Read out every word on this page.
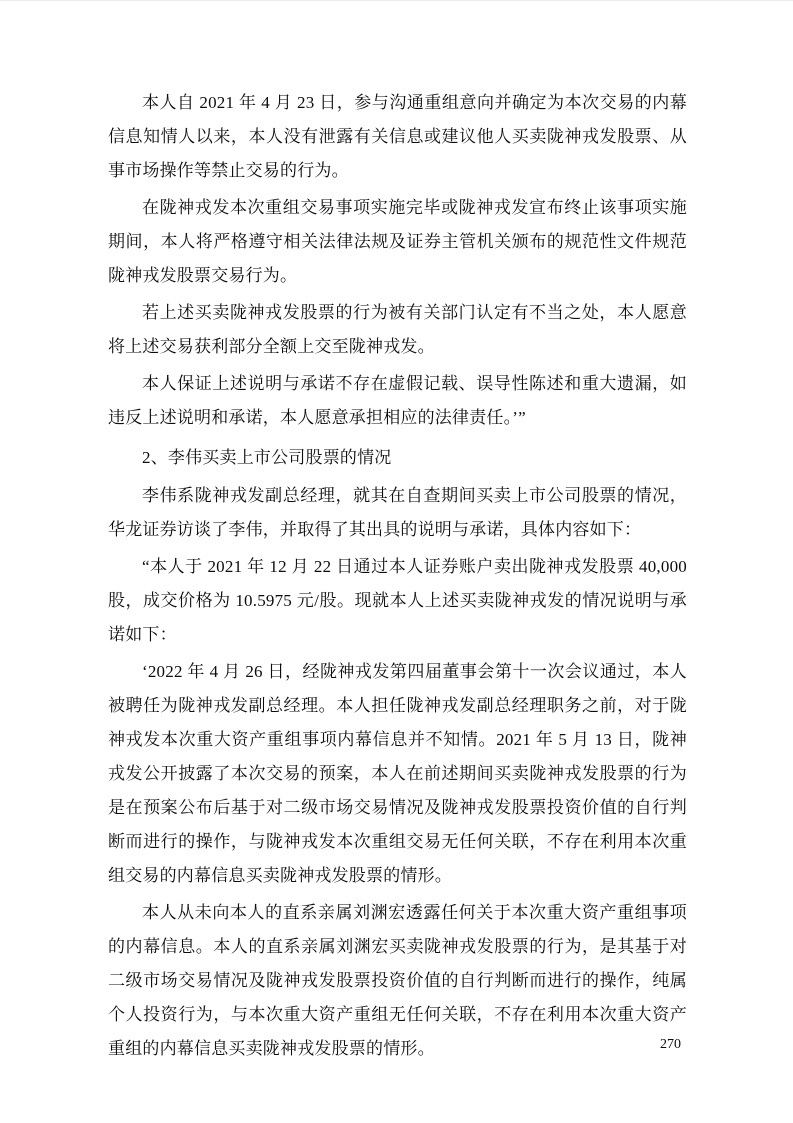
本人自 2021 年 4 月 23 日，参与沟通重组意向并确定为本次交易的内幕信息知情人以来，本人没有泄露有关信息或建议他人买卖陇神戎发股票、从事市场操作等禁止交易的行为。

在陇神戎发本次重组交易事项实施完毕或陇神戎发宣布终止该事项实施期间，本人将严格遵守相关法律法规及证券主管机关颁布的规范性文件规范陇神戎发股票交易行为。

若上述买卖陇神戎发股票的行为被有关部门认定有不当之处，本人愿意将上述交易获利部分全额上交至陇神戎发。

本人保证上述说明与承诺不存在虚假记载、误导性陈述和重大遗漏，如违反上述说明和承诺，本人愿意承担相应的法律责任。’”

2、李伟买卖上市公司股票的情况

李伟系陇神戎发副总经理，就其在自查期间买卖上市公司股票的情况，华龙证券访谈了李伟，并取得了其出具的说明与承诺，具体内容如下：

“本人于 2021 年 12 月 22 日通过本人证券账户卖出陇神戎发股票 40,000 股，成交价格为 10.5975 元/股。现就本人上述买卖陇神戎发的情况说明与承诺如下：

‘2022 年 4 月 26 日，经陇神戎发第四届董事会第十一次会议通过，本人被聘任为陇神戎发副总经理。本人担任陇神戎发副总经理职务之前，对于陇神戎发本次重大资产重组事项内幕信息并不知情。2021 年 5 月 13 日，陇神戎发公开披露了本次交易的预案，本人在前述期间买卖陇神戎发股票的行为是在预案公布后基于对二级市场交易情况及陇神戎发股票投资价值的自行判断而进行的操作，与陇神戎发本次重组交易无任何关联，不存在利用本次重组交易的内幕信息买卖陇神戎发股票的情形。

本人从未向本人的直系亲属刘渊宏透露任何关于本次重大资产重组事项的内幕信息。本人的直系亲属刘渊宏买卖陇神戎发股票的行为，是其基于对二级市场交易情况及陇神戎发股票投资价值的自行判断而进行的操作，纯属个人投资行为，与本次重大资产重组无任何关联，不存在利用本次重大资产重组的内幕信息买卖陇神戎发股票的情形。	270
